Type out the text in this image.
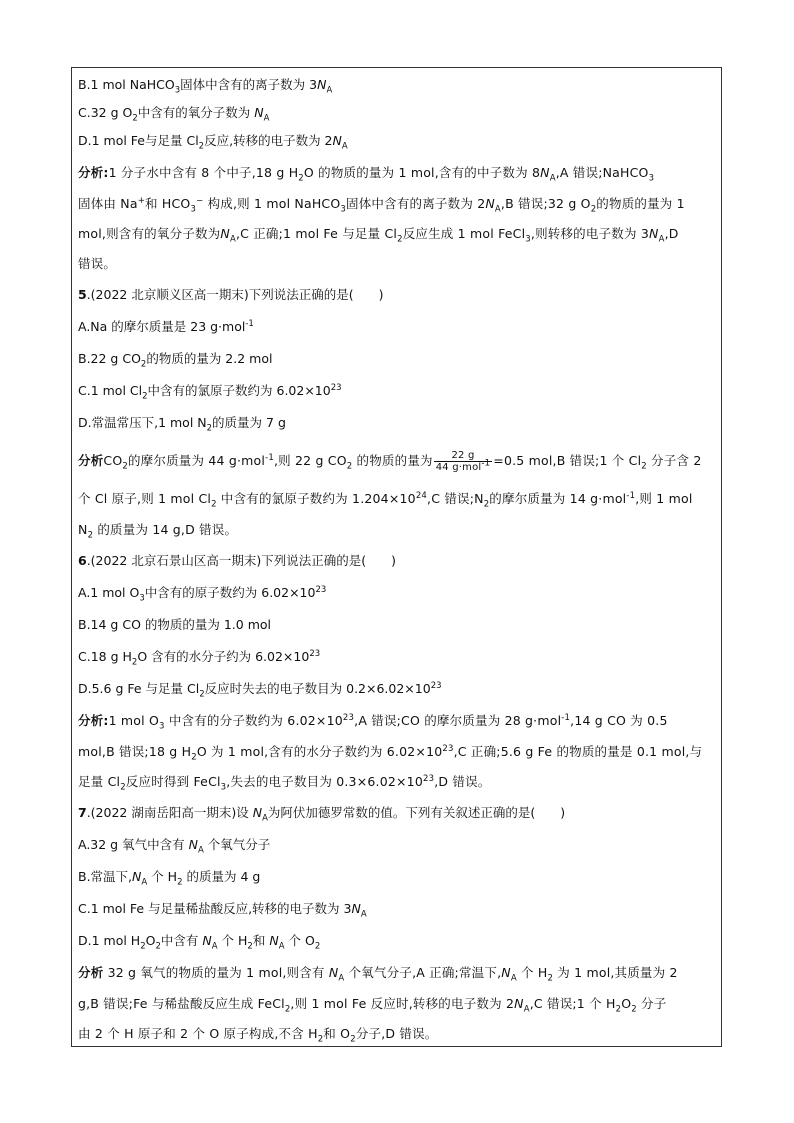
B.1 mol NaHCO$_3$固体中含有的离子数为 $3N_A$
C.32 g $O_2$中含有的氧分子数为 $N_A$
D.1 mol Fe与足量 $Cl_2$反应,转移的电子数为 $2N_A$
分析:1 分子水中含有 8 个中子,18 g $H_2O$ 的物质的量为 1 mol,含有的中子数为 $8N_A,A$ 错误;NaHCO$_3$
固体由 Na+和 $HCO_3^-$ 构成,则 1 mol NaHCO$_3$固体中含有的离子数为 $2N_A,B$ 错误;32 g $O_2$的物质的量为 1
mol,则含有的氧分子数为$N_A,C$ 正确;1 mol Fe 与足量 $Cl_2$反应生成 1 mol FeCl$_3$,则转移的电子数为 $3N_A,D$
错误。
5.(2022 北京顺义区高一期末)下列说法正确的是(　　)
A.Na 的摩尔质量是 23 g·mol$^{-1}$
B.22 g $CO_2$的物质的量为 2.2 mol
C.1 mol $Cl_2$中含有的氯原子数约为 $6.02\times 10^{23}$
D.常温常压下,1 mol $N_2$的质量为 7 g
分析$CO_2$的摩尔质量为 44 g·mol$^{-1}$,则 22 g $CO_2$ 的物质的量为 $\frac{22 g}{44 g\cdot mol^{-1}} =0.5$ mol,B 错误;1 个 $Cl_2$ 分子含 2
个 Cl 原子,则 1 mol $Cl_2$ 中含有的氯原子数约为 $1.204\times 10^{24},C$ 错误$;N_2$的摩尔质量为 14 g·mol$^{-1}$,则 1 mol
$N_2$ 的质量为 14 g,D 错误。
6.(2022 北京石景山区高一期末)下列说法正确的是(　　)
A.1 mol $O_3$中含有的原子数约为 $6.02\times 10^{23}$
B.14 g CO 的物质的量为 1.0 mol
C.18 g $H_2O$ 含有的水分子约为 $6.02\times 10^{23}$
D.5.6 g Fe 与足量 $Cl_2$反应时失去的电子数目为 $0.2\times 6.02\times 10^{23}$
分析:1 mol $O_3$ 中含有的分子数约为 $6.02\times 10^{23},A$ 错误;CO 的摩尔质量为 28 g·mol$^{-1}$,14 g CO 为 0.5
mol,B 错误;18 g $H_2O$ 为 1 mol,含有的水分子数约为 $6.02\times 10^{23},C$ 正确;5.6 g Fe 的物质的量是 0.1 mol,与
足量 $Cl_2$反应时得到 FeCl$_3$,失去的电子数目为 $0.3\times 6.02\times 10^{23},D$ 错误。
7.(2022 湖南岳阳高一期末)设 $N_A$为阿伏加德罗常数的值。下列有关叙述正确的是(　　)
A.32 g 氧气中含有 $N_A$ 个氧气分子
B.常温下$,N_A$ 个 $H_2$ 的质量为 4 g
C.1 mol Fe 与足量稀盐酸反应,转移的电子数为 $3N_A$
D.1 mol $H_2O_2$中含有 $N_A$ 个 $H_2$和 $N_A$ 个 $O_2$
分析 32 g 氧气的物质的量为 1 mol,则含有 $N_A$ 个氧气分子,A 正确;常温下$,N_A$ 个 $H_2$ 为 1 mol,其质量为 2
g,B 错误;Fe 与稀盐酸反应生成 FeCl$_2$,则 1 mol Fe 反应时,转移的电子数为 $2N_A,C$ 错误;1 个 $H_2O_2$ 分子
由 2 个 H 原子和 2 个 O 原子构成,不含 $H_2$和 $O_2$分子,D 错误。
